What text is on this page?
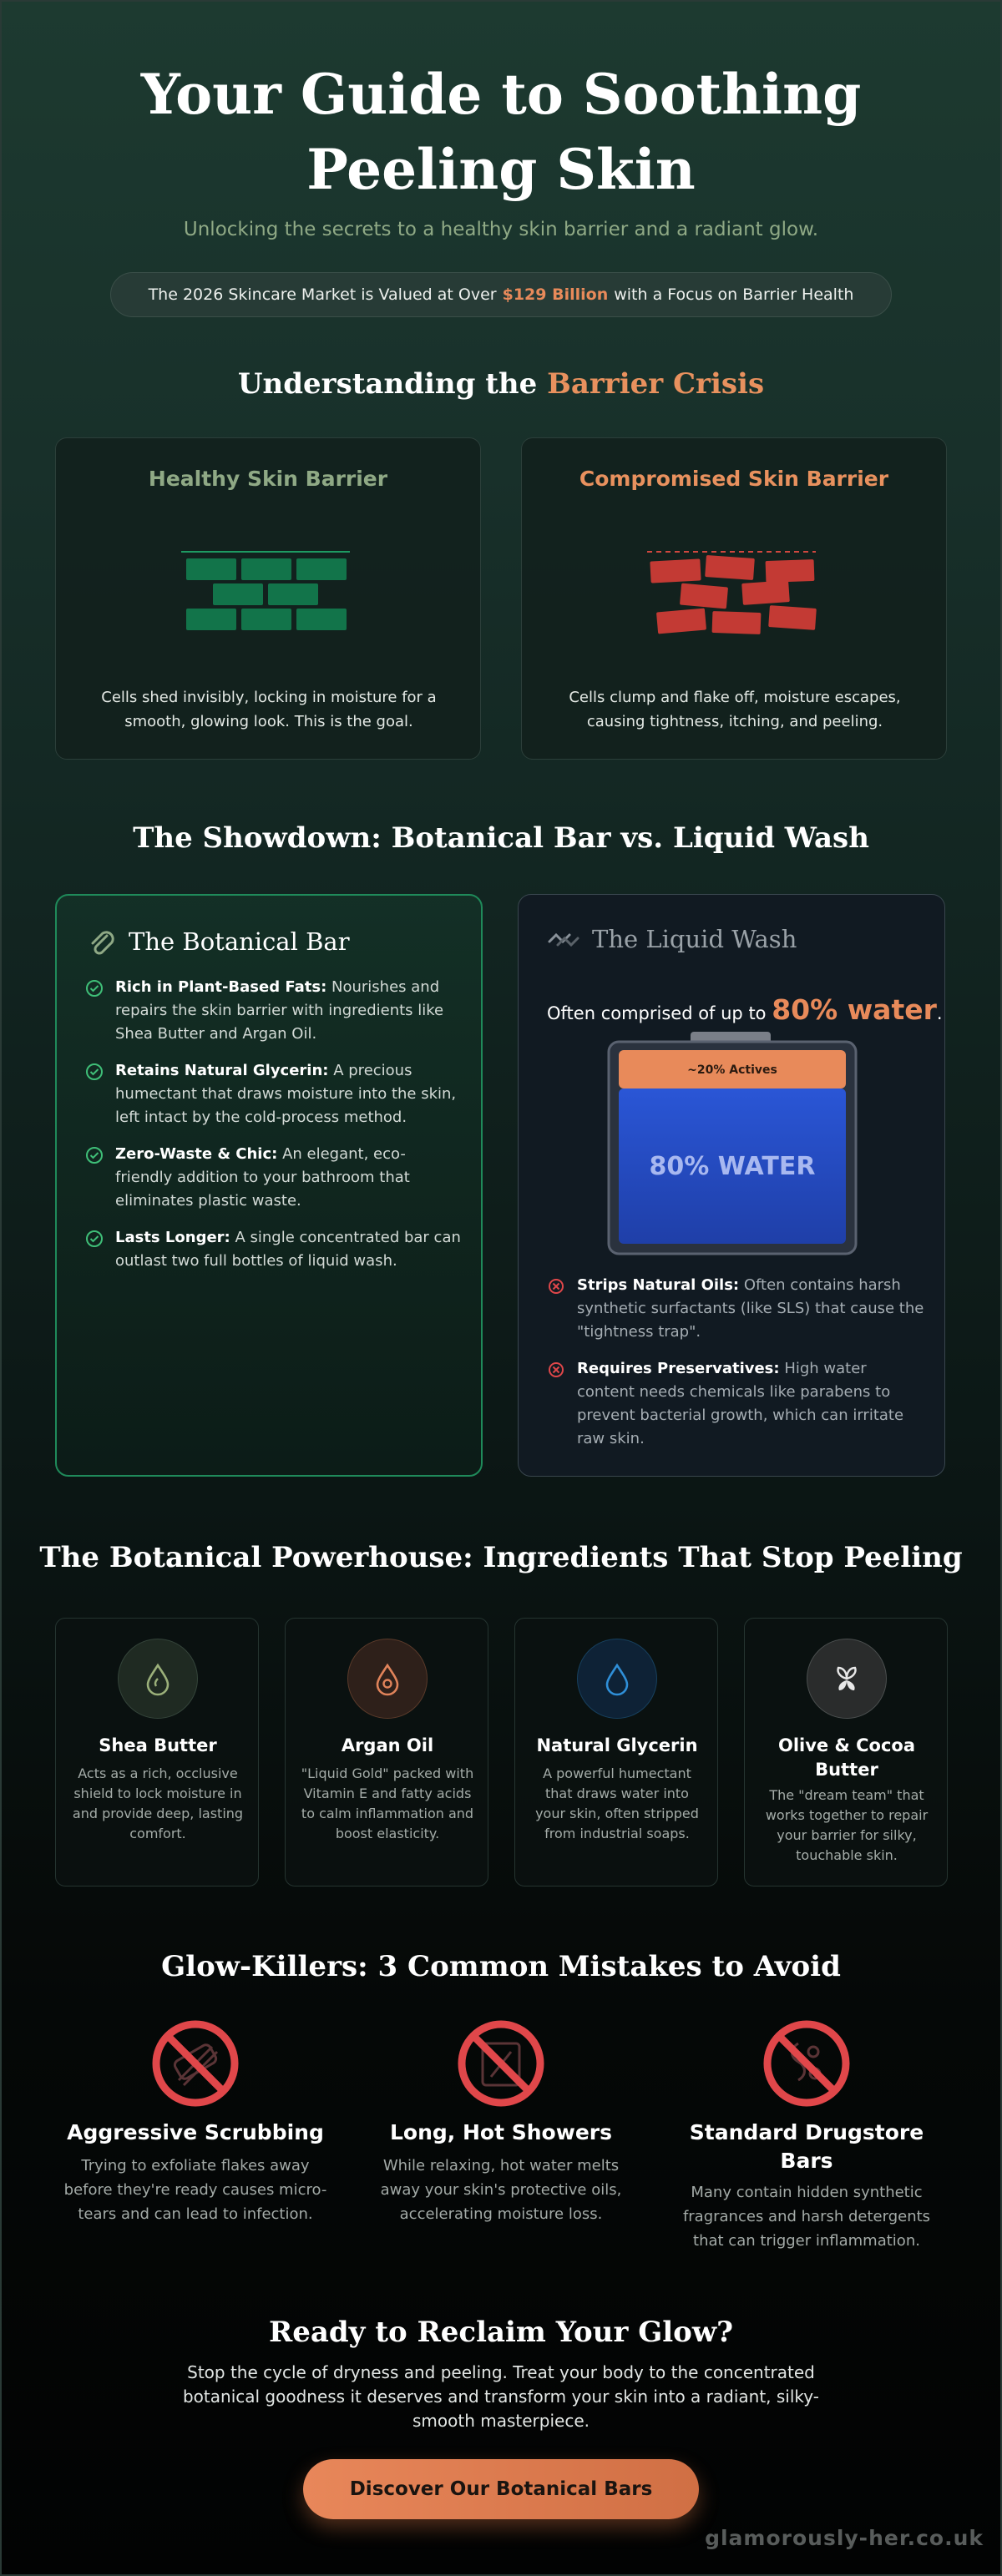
Your Guide to Soothing Peeling Skin
Unlocking the secrets to a healthy skin barrier and a radiant glow.
The 2026 Skincare Market is Valued at Over $129 Billion with a Focus on Barrier Health
Understanding the Barrier Crisis
Healthy Skin Barrier

Cells shed invisibly, locking in moisture for a smooth, glowing look. This is the goal.

Compromised Skin Barrier

Cells clump and flake off, moisture escapes, causing tightness, itching, and peeling.

The Showdown: Botanical Bar vs. Liquid Wash
The Botanical Bar
Rich in Plant-Based Fats: Nourishes and repairs the skin barrier with ingredients like Shea Butter and Argan Oil.
Retains Natural Glycerin: A precious humectant that draws moisture into the skin, left intact by the cold-process method.
Zero-Waste & Chic: An elegant, eco-friendly addition to your bathroom that eliminates plastic waste.
Lasts Longer: A single concentrated bar can outlast two full bottles of liquid wash.
The Liquid Wash
Often comprised of up to 80% water.
~20% Actives
80% WATER
Strips Natural Oils: Often contains harsh synthetic surfactants (like SLS) that cause the "tightness trap".
Requires Preservatives: High water content needs chemicals like parabens to prevent bacterial growth, which can irritate raw skin.
The Botanical Powerhouse: Ingredients That Stop Peeling
Shea Butter

Acts as a rich, occlusive shield to lock moisture in and provide deep, lasting comfort.

Argan Oil

"Liquid Gold" packed with Vitamin E and fatty acids to calm inflammation and boost elasticity.

Natural Glycerin

A powerful humectant that draws water into your skin, often stripped from industrial soaps.

Olive & Cocoa Butter

The "dream team" that works together to repair your barrier for silky, touchable skin.

Glow-Killers: 3 Common Mistakes to Avoid
Aggressive Scrubbing

Trying to exfoliate flakes away before they're ready causes micro-tears and can lead to infection.

Long, Hot Showers

While relaxing, hot water melts away your skin's protective oils, accelerating moisture loss.

Standard Drugstore Bars

Many contain hidden synthetic fragrances and harsh detergents that can trigger inflammation.

Ready to Reclaim Your Glow?

Stop the cycle of dryness and peeling. Treat your body to the concentrated botanical goodness it deserves and transform your skin into a radiant, silky-smooth masterpiece.

Discover Our Botanical Bars
glamorously-her.co.uk
